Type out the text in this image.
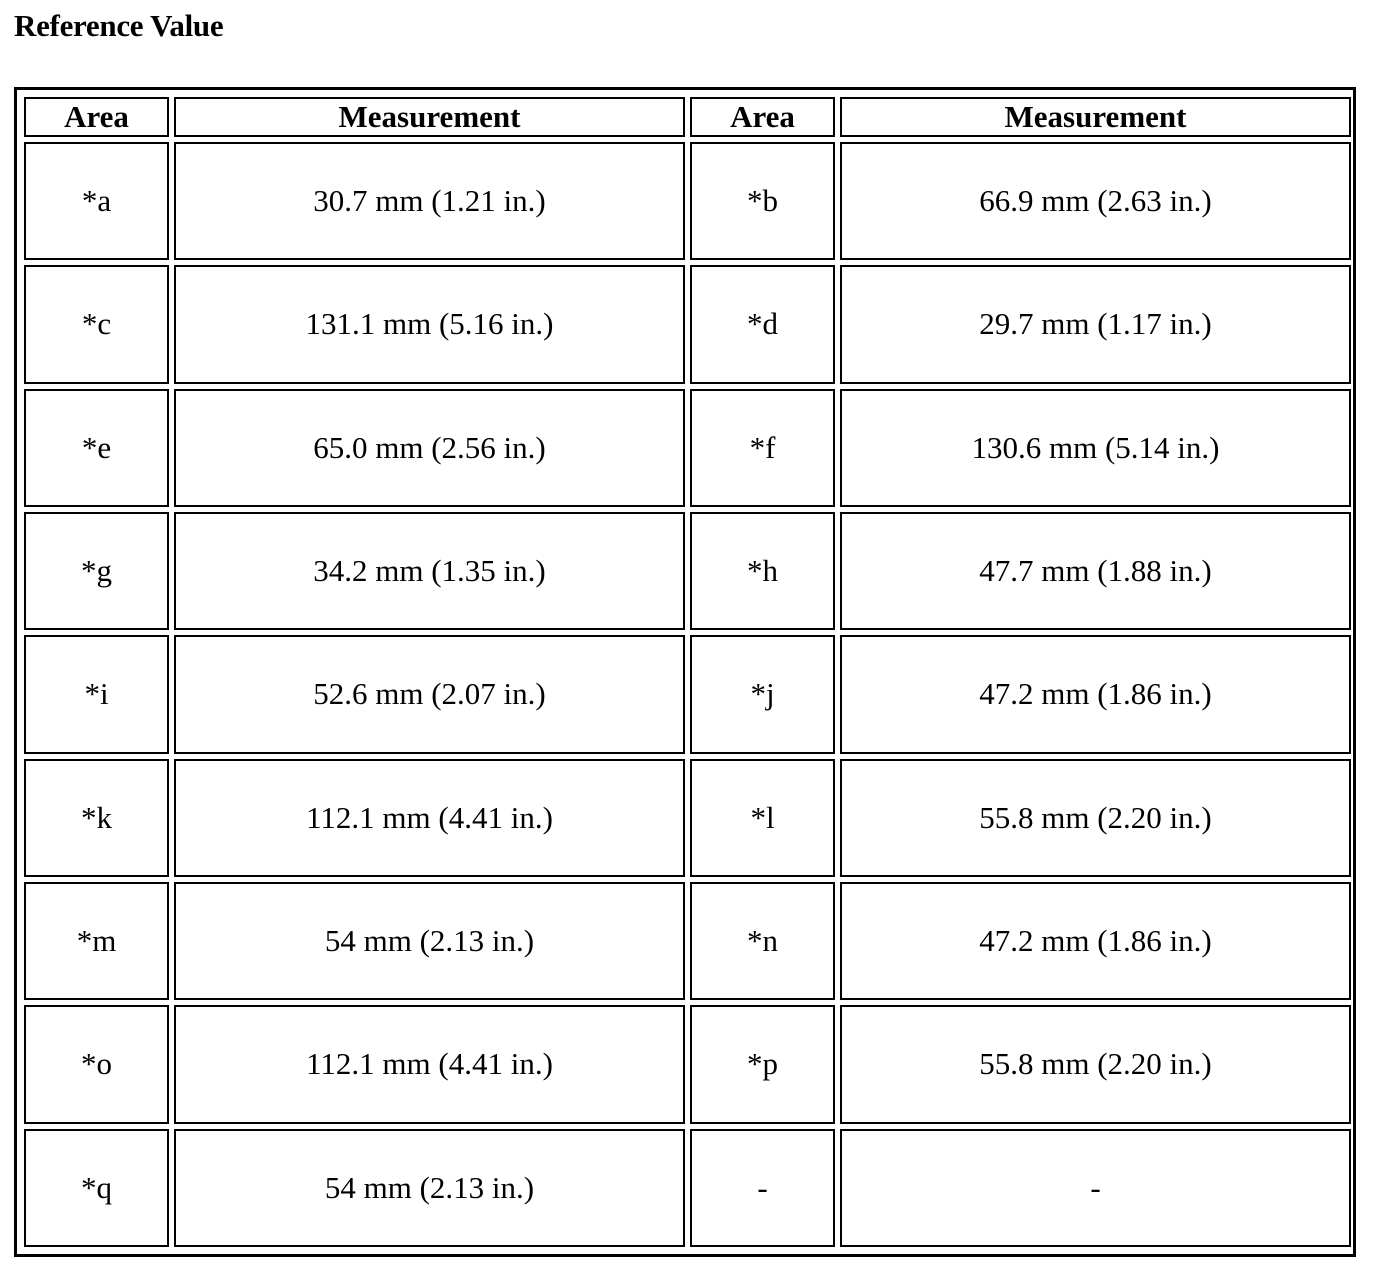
Reference Value
Area	Measurement	Area	Measurement
*a	30.7 mm (1.21 in.)	*b	66.9 mm (2.63 in.)
*c	131.1 mm (5.16 in.)	*d	29.7 mm (1.17 in.)
*e	65.0 mm (2.56 in.)	*f	130.6 mm (5.14 in.)
*g	34.2 mm (1.35 in.)	*h	47.7 mm (1.88 in.)
*i	52.6 mm (2.07 in.)	*j	47.2 mm (1.86 in.)
*k	112.1 mm (4.41 in.)	*l	55.8 mm (2.20 in.)
*m	54 mm (2.13 in.)	*n	47.2 mm (1.86 in.)
*o	112.1 mm (4.41 in.)	*p	55.8 mm (2.20 in.)
*q	54 mm (2.13 in.)	-	-
